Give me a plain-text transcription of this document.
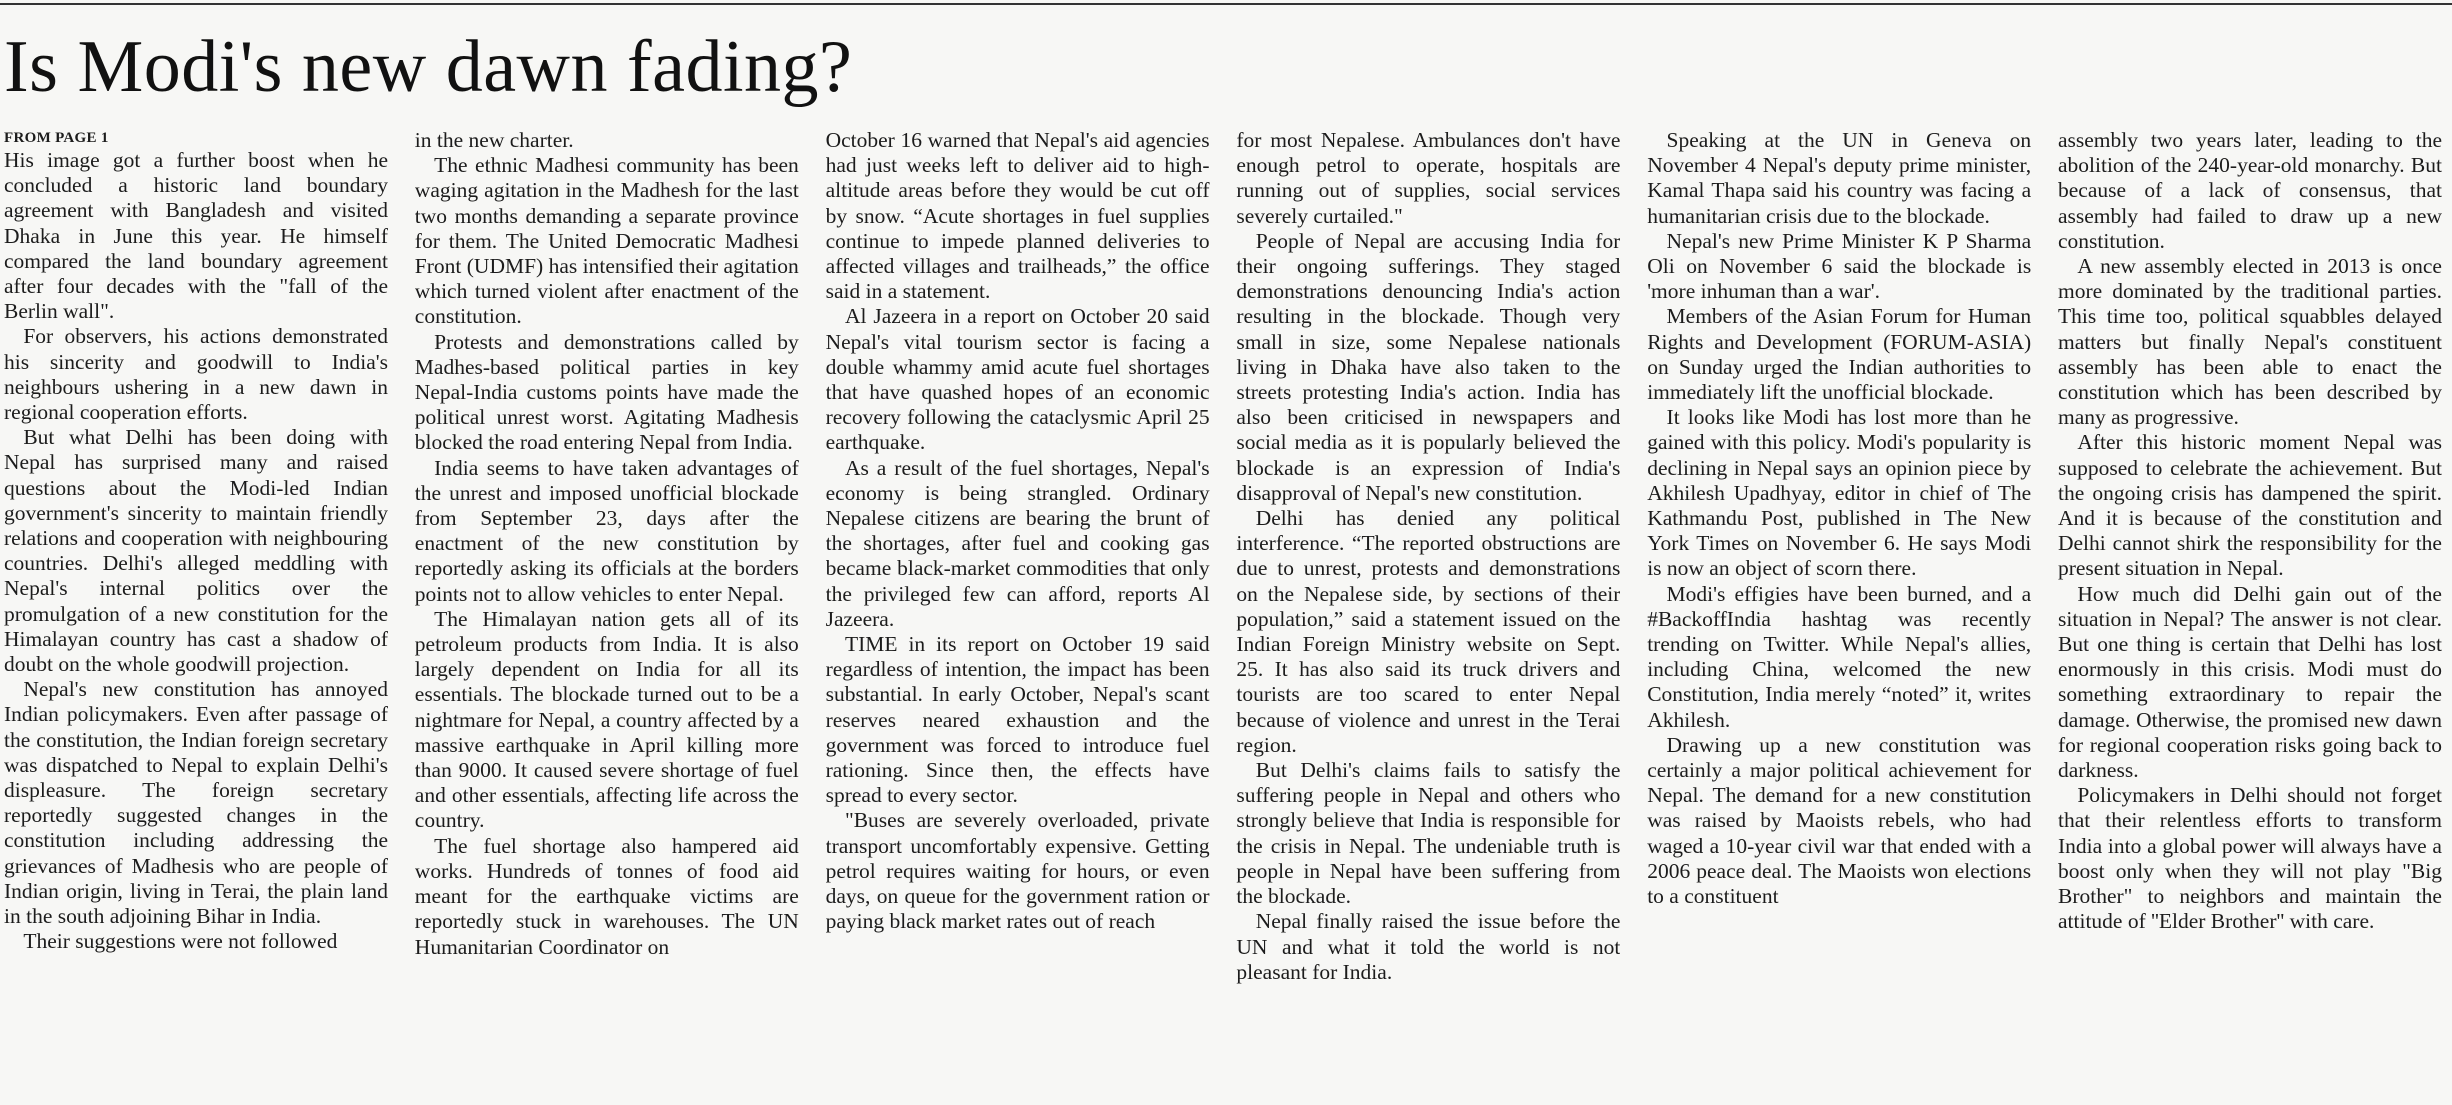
Is Modi's new dawn fading?
FROM PAGE 1

His image got a further boost when he concluded a historic land boundary agreement with Bangladesh and visited Dhaka in June this year. He himself compared the land boundary agreement after four decades with the "fall of the Berlin wall".

For observers, his actions demonstrated his sincerity and goodwill to India's neighbours ushering in a new dawn in regional cooperation efforts.

But what Delhi has been doing with Nepal has surprised many and raised questions about the Modi-led Indian government's sincerity to maintain friendly relations and cooperation with neighbouring countries. Delhi's alleged meddling with Nepal's internal politics over the promulgation of a new constitution for the Himalayan country has cast a shadow of doubt on the whole goodwill projection.

Nepal's new constitution has annoyed Indian policymakers. Even after passage of the constitution, the Indian foreign secretary was dispatched to Nepal to explain Delhi's displeasure. The foreign secretary reportedly suggested changes in the constitution including addressing the grievances of Madhesis who are people of Indian origin, living in Terai, the plain land in the south adjoining Bihar in India.

Their suggestions were not followed

in the new charter.

The ethnic Madhesi community has been waging agitation in the Madhesh for the last two months demanding a separate province for them. The United Democratic Madhesi Front (UDMF) has intensified their agitation which turned violent after enactment of the constitution.

Protests and demonstrations called by Madhes-based political parties in key Nepal-India customs points have made the political unrest worst. Agitating Madhesis blocked the road entering Nepal from India.

India seems to have taken advantages of the unrest and imposed unofficial blockade from September 23, days after the enactment of the new constitution by reportedly asking its officials at the borders points not to allow vehicles to enter Nepal.

The Himalayan nation gets all of its petroleum products from India. It is also largely dependent on India for all its essentials. The blockade turned out to be a nightmare for Nepal, a country affected by a massive earthquake in April killing more than 9000. It caused severe shortage of fuel and other essentials, affecting life across the country.

The fuel shortage also hampered aid works. Hundreds of tonnes of food aid meant for the earthquake victims are reportedly stuck in warehouses. The UN Humanitarian Coordinator on

October 16 warned that Nepal's aid agencies had just weeks left to deliver aid to high-altitude areas before they would be cut off by snow. “Acute shortages in fuel supplies continue to impede planned deliveries to affected villages and trailheads,” the office said in a statement.

Al Jazeera in a report on October 20 said Nepal's vital tourism sector is facing a double whammy amid acute fuel shortages that have quashed hopes of an economic recovery following the cataclysmic April 25 earthquake.

As a result of the fuel shortages, Nepal's economy is being strangled. Ordinary Nepalese citizens are bearing the brunt of the shortages, after fuel and cooking gas became black-market commodities that only the privileged few can afford, reports Al Jazeera.

TIME in its report on October 19 said regardless of intention, the impact has been substantial. In early October, Nepal's scant reserves neared exhaustion and the government was forced to introduce fuel rationing. Since then, the effects have spread to every sector.

"Buses are severely overloaded, private transport uncomfortably expensive. Getting petrol requires waiting for hours, or even days, on queue for the government ration or paying black market rates out of reach

for most Nepalese. Ambulances don't have enough petrol to operate, hospitals are running out of supplies, social services severely curtailed."

People of Nepal are accusing India for their ongoing sufferings. They staged demonstrations denouncing India's action resulting in the blockade. Though very small in size, some Nepalese nationals living in Dhaka have also taken to the streets protesting India's action. India has also been criticised in newspapers and social media as it is popularly believed the blockade is an expression of India's disapproval of Nepal's new constitution.

Delhi has denied any political interference. “The reported obstructions are due to unrest, protests and demonstrations on the Nepalese side, by sections of their population,” said a statement issued on the Indian Foreign Ministry website on Sept. 25. It has also said its truck drivers and tourists are too scared to enter Nepal because of violence and unrest in the Terai region.

But Delhi's claims fails to satisfy the suffering people in Nepal and others who strongly believe that India is responsible for the crisis in Nepal. The undeniable truth is people in Nepal have been suffering from the blockade.

Nepal finally raised the issue before the UN and what it told the world is not pleasant for India.

Speaking at the UN in Geneva on November 4 Nepal's deputy prime minister, Kamal Thapa said his country was facing a humanitarian crisis due to the blockade.

Nepal's new Prime Minister K P Sharma Oli on November 6 said the blockade is 'more inhuman than a war'.

Members of the Asian Forum for Human Rights and Development (FORUM-ASIA) on Sunday urged the Indian authorities to immediately lift the unofficial blockade.

It looks like Modi has lost more than he gained with this policy. Modi's popularity is declining in Nepal says an opinion piece by Akhilesh Upadhyay, editor in chief of The Kathmandu Post, published in The New York Times on November 6. He says Modi is now an object of scorn there.

Modi's effigies have been burned, and a #BackoffIndia hashtag was recently trending on Twitter. While Nepal's allies, including China, welcomed the new Constitution, India merely “noted” it, writes Akhilesh.

Drawing up a new constitution was certainly a major political achievement for Nepal. The demand for a new constitution was raised by Maoists rebels, who had waged a 10-year civil war that ended with a 2006 peace deal. The Maoists won elections to a constituent

assembly two years later, leading to the abolition of the 240-year-old monarchy. But because of a lack of consensus, that assembly had failed to draw up a new constitution.

A new assembly elected in 2013 is once more dominated by the traditional parties. This time too, political squabbles delayed matters but finally Nepal's constituent assembly has been able to enact the constitution which has been described by many as progressive.

After this historic moment Nepal was supposed to celebrate the achievement. But the ongoing crisis has dampened the spirit. And it is because of the constitution and Delhi cannot shirk the responsibility for the present situation in Nepal.

How much did Delhi gain out of the situation in Nepal? The answer is not clear. But one thing is certain that Delhi has lost enormously in this crisis. Modi must do something extraordinary to repair the damage. Otherwise, the promised new dawn for regional cooperation risks going back to darkness.

Policymakers in Delhi should not forget that their relentless efforts to transform India into a global power will always have a boost only when they will not play "Big Brother" to neighbors and maintain the attitude of ''Elder Brother'' with care.
